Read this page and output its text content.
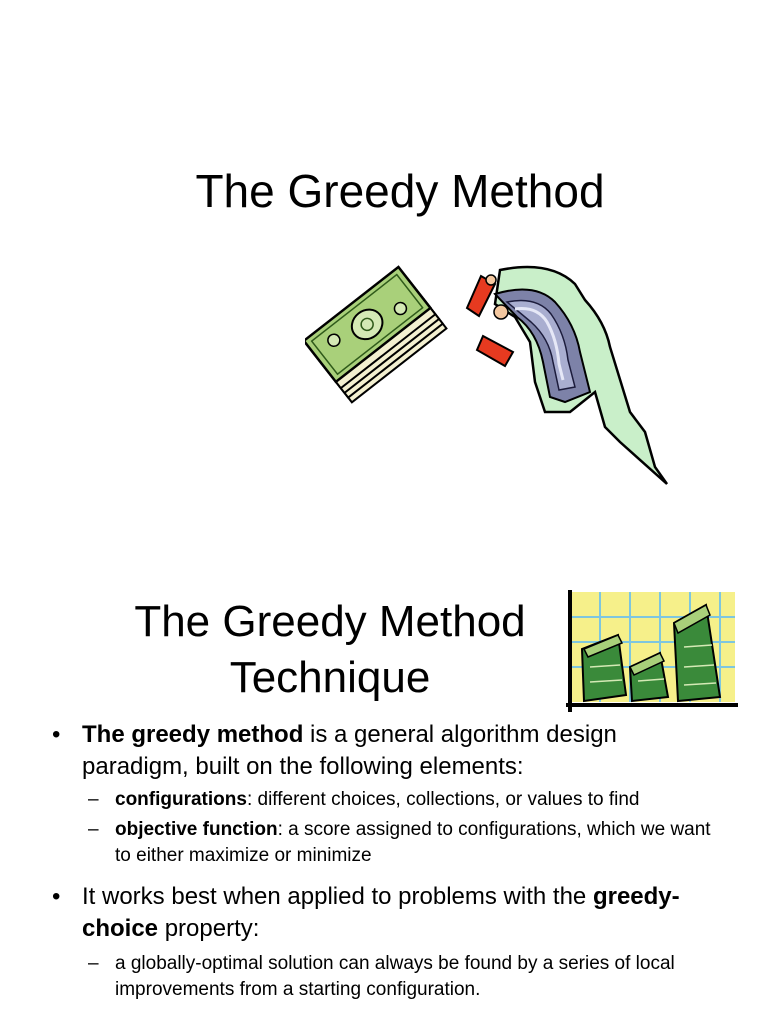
The Greedy Method
The Greedy Method
Technique
• The greedy method is a general algorithm design paradigm, built on the following elements:
– configurations: different choices, collections, or values to find
– objective function: a score assigned to configurations, which we want to either maximize or minimize
• It works best when applied to problems with the greedy-choice property:
– a globally-optimal solution can always be found by a series of local improvements from a starting configuration.
